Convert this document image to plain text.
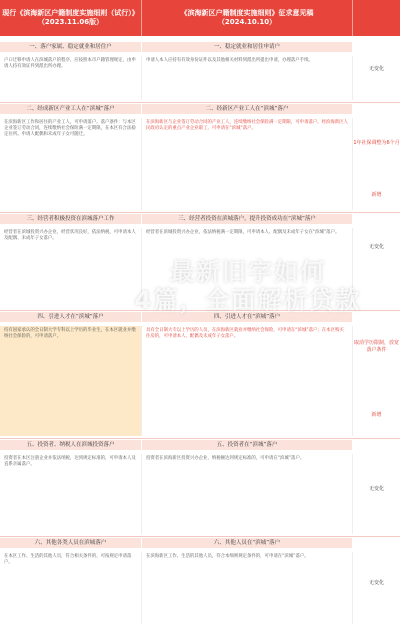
现行《滨海新区户籍制度实施细则（试行）》
（2023.11.06版）
《滨海新区户籍制度实施细则》征求意见稿
（2024.10.10）
一、落户家属、稳定就业和居住户	一、稳定就业和居住申请户
户口迁移申请人在滨城落户的程序，应按照本市户籍管理规定，由申请人持有效证件到派出所办理。
申请人本人应持有有效身份证件以及其他相关材料到派出所提出申请，办理落户手续。
无变化
二、经成新区产业工人在“滨城”落户	二、经新区产业工人在“滨城”落户
在滨海新区工作和居住的产业工人，可申请落户。落户条件：与本区企业签订劳动合同，连续缴纳社会保险满一定期限，在本区有合法稳定住所。申请人配偶和未成年子女可随迁。
在滨海新区与企业签订劳动合同的产业工人，连续缴纳社会保险满一定期限，可申请落户。经滨海新区人民政府认定的重点产业企业职工，可申请在“滨城”落户。
1年社保调整为6个月
新增
三、经营者积极投资在滨城落户工作	三、经营者投资在滨城落户，提升投资成功在“滨城”落户
经营者在滨城投资兴办企业，经营状况良好，依法纳税，可申请本人及配偶、未成年子女落户。
经营者在滨城投资兴办企业，依法纳税满一定期限，可申请本人、配偶及未成年子女在“滨城”落户。
无变化
四、引进人才在“滨城”落户	四、引进人才在“滨城”落户
持有国家承认的全日制大学专科以上学历的毕业生，在本区就业并缴纳社会保险的，可申请落户。
具有全日制大专以上学历的人员，在滨海新区就业并缴纳社会保险，可申请在“滨城”落户；在本区购买住房的，可申请本人、配偶及未成年子女落户。
取消学历限制，放宽落户条件
新增
五、投资者、纳税人在滨城投资落户	五、投资者在“滨城”落户
投资者在本区注册企业并依法纳税，达到规定标准的，可申请本人及直系亲属落户。
投资者在滨海新区投资兴办企业，纳税额达到规定标准的，可申请在“滨城”落户。
无变化
六、其他各类人员在滨城落户	六、其他人员在“滨城”落户
在本区工作、生活的其他人员，符合相关条件的，可按规定申请落户。
在滨海新区工作、生活的其他人员，符合本细则规定条件的，可申请在“滨城”落户。
无变化
最新旧字如何
4篇，全面解析贷款
